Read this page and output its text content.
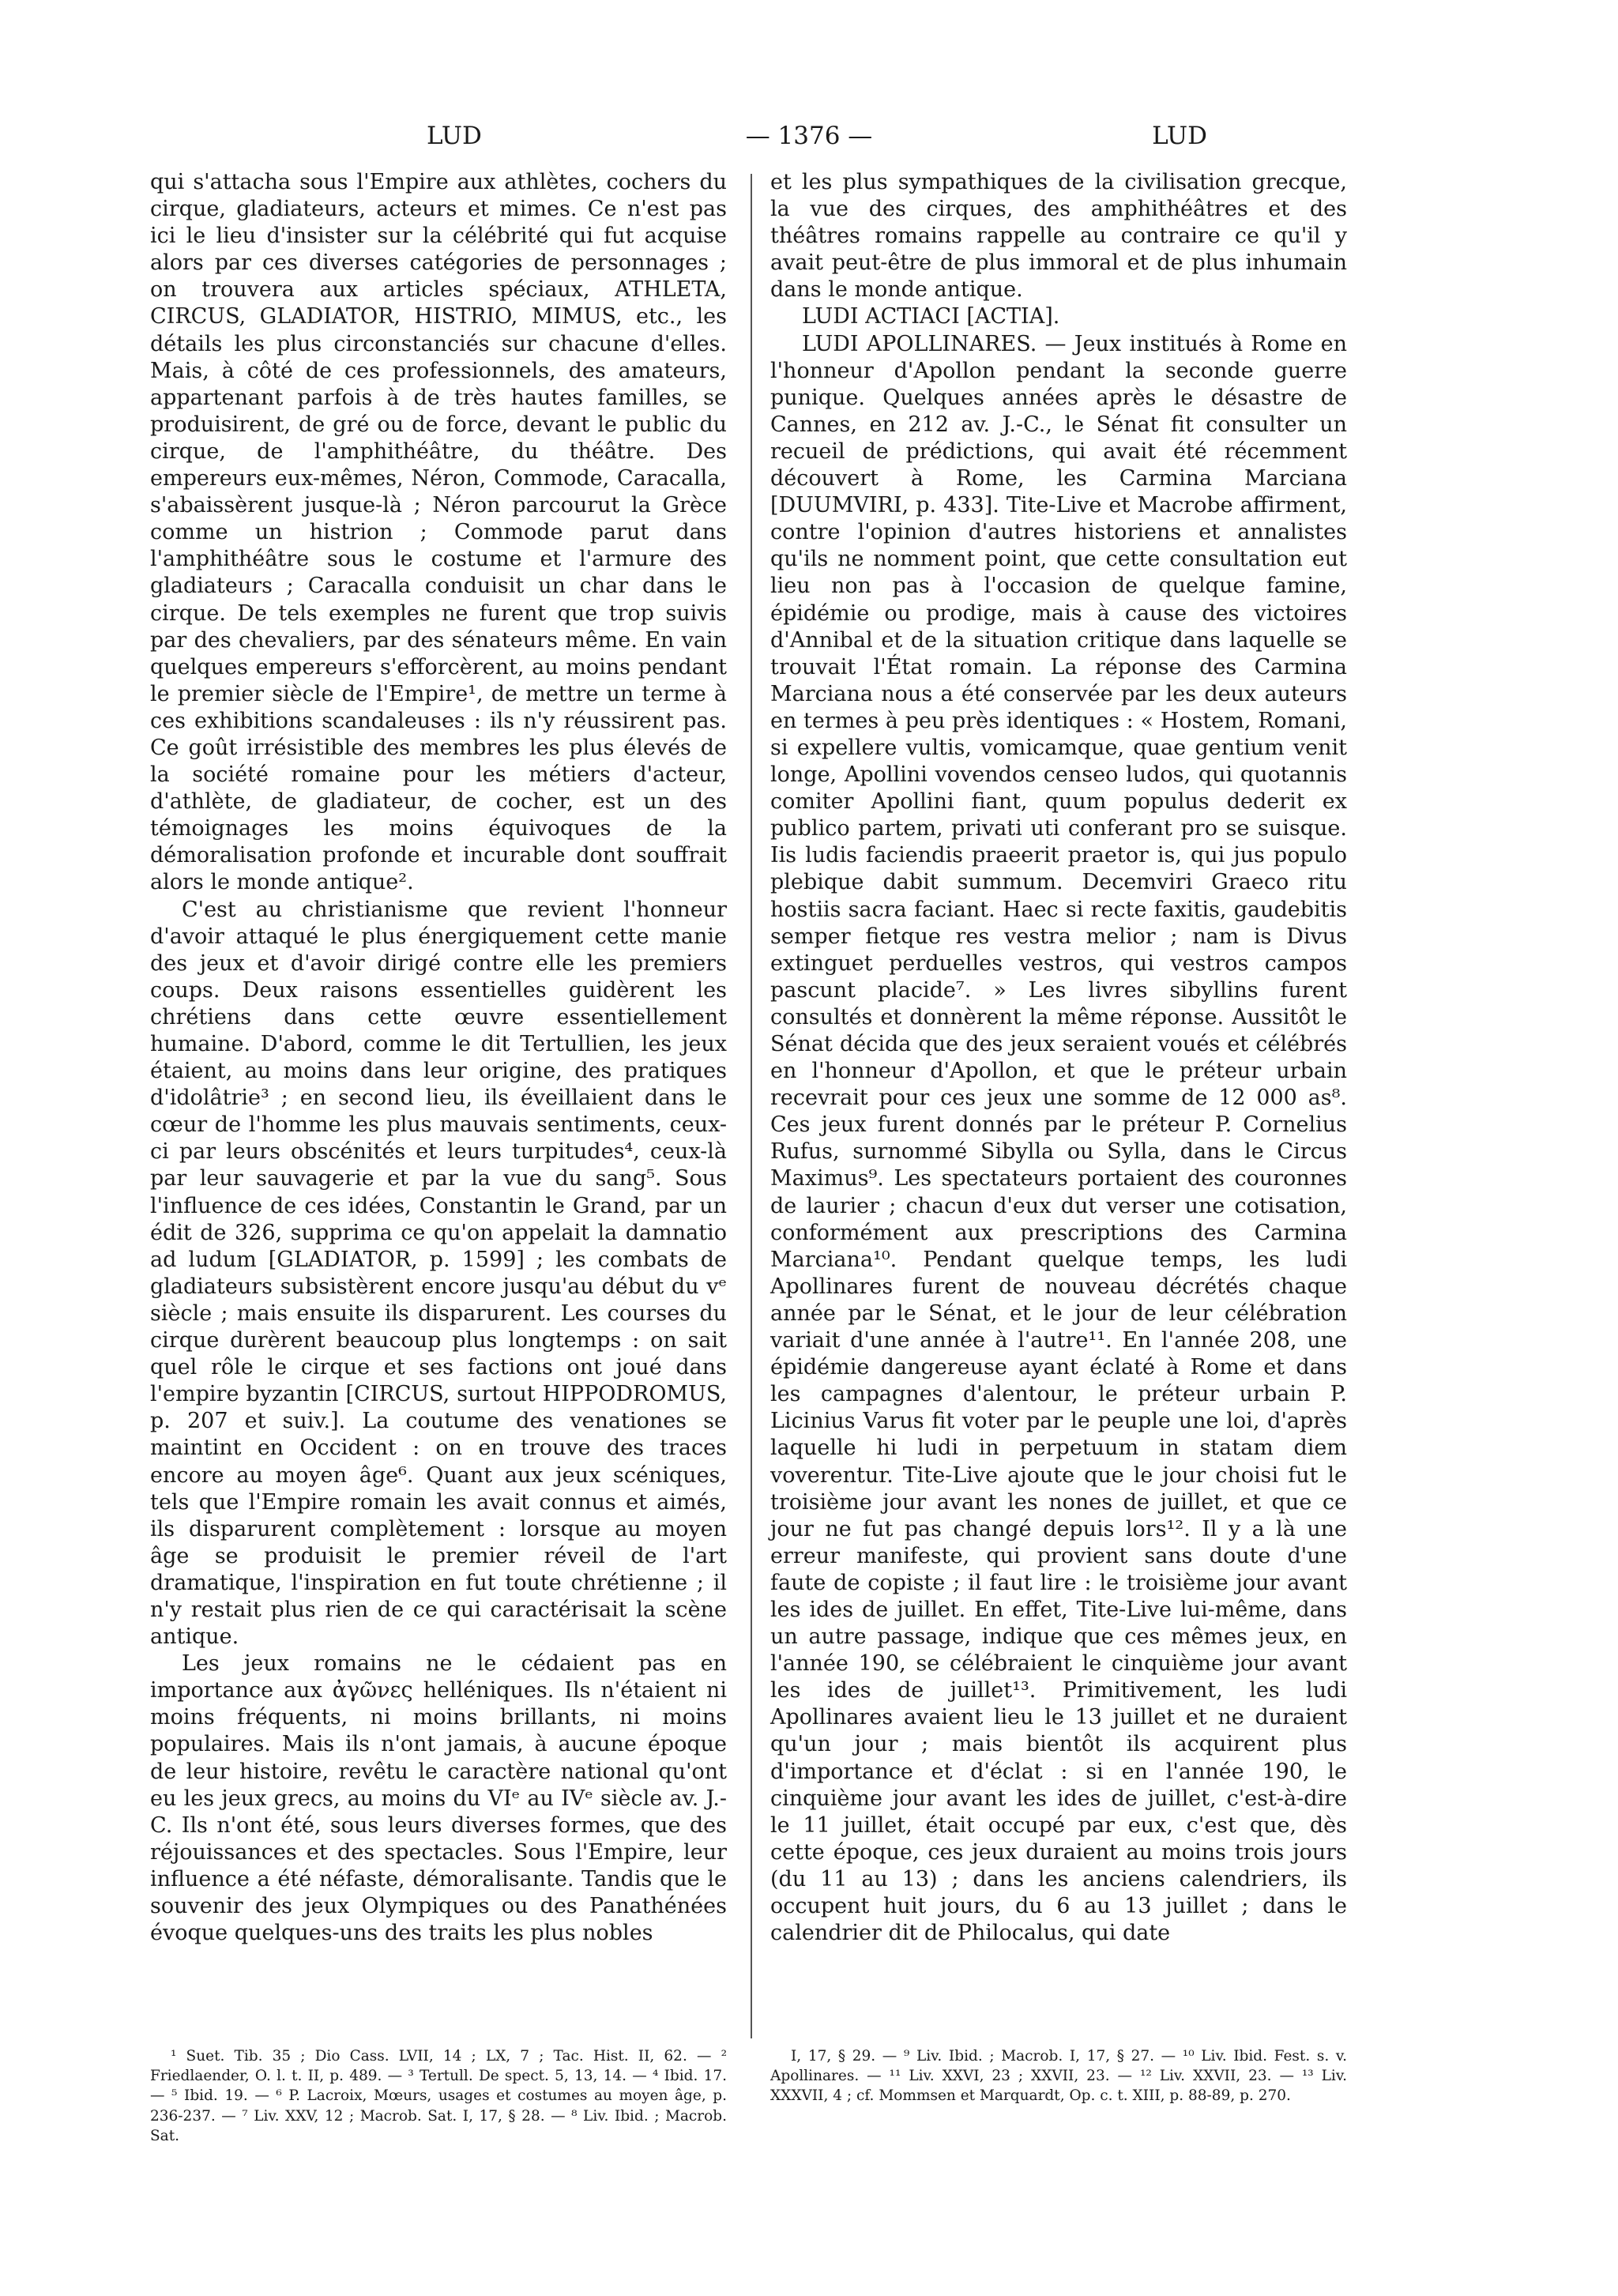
LUD	— 1376 —	LUD

qui s'attacha sous l'Empire aux athlètes, cochers du cirque, gladiateurs, acteurs et mimes. Ce n'est pas ici le lieu d'insister sur la célébrité qui fut acquise alors par ces diverses catégories de personnages ; on trouvera aux articles spéciaux, ATHLETA, CIRCUS, GLADIATOR, HISTRIO, MIMUS, etc., les détails les plus circonstanciés sur chacune d'elles. Mais, à côté de ces professionnels, des amateurs, appartenant parfois à de très hautes familles, se produisirent, de gré ou de force, devant le public du cirque, de l'amphithéâtre, du théâtre. Des empereurs eux-mêmes, Néron, Commode, Caracalla, s'abaissèrent jusque-là ; Néron parcourut la Grèce comme un histrion ; Commode parut dans l'amphithéâtre sous le costume et l'armure des gladiateurs ; Caracalla conduisit un char dans le cirque. De tels exemples ne furent que trop suivis par des chevaliers, par des sénateurs même. En vain quelques empereurs s'efforcèrent, au moins pendant le premier siècle de l'Empire¹, de mettre un terme à ces exhibitions scandaleuses : ils n'y réussirent pas. Ce goût irrésistible des membres les plus élevés de la société romaine pour les métiers d'acteur, d'athlète, de gladiateur, de cocher, est un des témoignages les moins équivoques de la démoralisation profonde et incurable dont souffrait alors le monde antique².

C'est au christianisme que revient l'honneur d'avoir attaqué le plus énergiquement cette manie des jeux et d'avoir dirigé contre elle les premiers coups. Deux raisons essentielles guidèrent les chrétiens dans cette œuvre essentiellement humaine. D'abord, comme le dit Tertullien, les jeux étaient, au moins dans leur origine, des pratiques d'idolâtrie³ ; en second lieu, ils éveillaient dans le cœur de l'homme les plus mauvais sentiments, ceux-ci par leurs obscénités et leurs turpitudes⁴, ceux-là par leur sauvagerie et par la vue du sang⁵. Sous l'influence de ces idées, Constantin le Grand, par un édit de 326, supprima ce qu'on appelait la damnatio ad ludum [GLADIATOR, p. 1599] ; les combats de gladiateurs subsistèrent encore jusqu'au début du vᵉ siècle ; mais ensuite ils disparurent. Les courses du cirque durèrent beaucoup plus longtemps : on sait quel rôle le cirque et ses factions ont joué dans l'empire byzantin [CIRCUS, surtout HIPPODROMUS, p. 207 et suiv.]. La coutume des venationes se maintint en Occident : on en trouve des traces encore au moyen âge⁶. Quant aux jeux scéniques, tels que l'Empire romain les avait connus et aimés, ils disparurent complètement : lorsque au moyen âge se produisit le premier réveil de l'art dramatique, l'inspiration en fut toute chrétienne ; il n'y restait plus rien de ce qui caractérisait la scène antique.

Les jeux romains ne le cédaient pas en importance aux ἀγῶνες helléniques. Ils n'étaient ni moins fréquents, ni moins brillants, ni moins populaires. Mais ils n'ont jamais, à aucune époque de leur histoire, revêtu le caractère national qu'ont eu les jeux grecs, au moins du VIᵉ au IVᵉ siècle av. J.-C. Ils n'ont été, sous leurs diverses formes, que des réjouissances et des spectacles. Sous l'Empire, leur influence a été néfaste, démoralisante. Tandis que le souvenir des jeux Olympiques ou des Panathénées évoque quelques-uns des traits les plus nobles

et les plus sympathiques de la civilisation grecque, la vue des cirques, des amphithéâtres et des théâtres romains rappelle au contraire ce qu'il y avait peut-être de plus immoral et de plus inhumain dans le monde antique.

LUDI ACTIACI [ACTIA].

LUDI APOLLINARES. — Jeux institués à Rome en l'honneur d'Apollon pendant la seconde guerre punique. Quelques années après le désastre de Cannes, en 212 av. J.-C., le Sénat fit consulter un recueil de prédictions, qui avait été récemment découvert à Rome, les Carmina Marciana [DUUMVIRI, p. 433]. Tite-Live et Macrobe affirment, contre l'opinion d'autres historiens et annalistes qu'ils ne nomment point, que cette consultation eut lieu non pas à l'occasion de quelque famine, épidémie ou prodige, mais à cause des victoires d'Annibal et de la situation critique dans laquelle se trouvait l'État romain. La réponse des Carmina Marciana nous a été conservée par les deux auteurs en termes à peu près identiques : « Hostem, Romani, si expellere vultis, vomicamque, quae gentium venit longe, Apollini vovendos censeo ludos, qui quotannis comiter Apollini fiant, quum populus dederit ex publico partem, privati uti conferant pro se suisque. Iis ludis faciendis praeerit praetor is, qui jus populo plebique dabit summum. Decemviri Graeco ritu hostiis sacra faciant. Haec si recte faxitis, gaudebitis semper fietque res vestra melior ; nam is Divus extinguet perduelles vestros, qui vestros campos pascunt placide⁷. » Les livres sibyllins furent consultés et donnèrent la même réponse. Aussitôt le Sénat décida que des jeux seraient voués et célébrés en l'honneur d'Apollon, et que le préteur urbain recevrait pour ces jeux une somme de 12 000 as⁸. Ces jeux furent donnés par le préteur P. Cornelius Rufus, surnommé Sibylla ou Sylla, dans le Circus Maximus⁹. Les spectateurs portaient des couronnes de laurier ; chacun d'eux dut verser une cotisation, conformément aux prescriptions des Carmina Marciana¹⁰. Pendant quelque temps, les ludi Apollinares furent de nouveau décrétés chaque année par le Sénat, et le jour de leur célébration variait d'une année à l'autre¹¹. En l'année 208, une épidémie dangereuse ayant éclaté à Rome et dans les campagnes d'alentour, le préteur urbain P. Licinius Varus fit voter par le peuple une loi, d'après laquelle hi ludi in perpetuum in statam diem voverentur. Tite-Live ajoute que le jour choisi fut le troisième jour avant les nones de juillet, et que ce jour ne fut pas changé depuis lors¹². Il y a là une erreur manifeste, qui provient sans doute d'une faute de copiste ; il faut lire : le troisième jour avant les ides de juillet. En effet, Tite-Live lui-même, dans un autre passage, indique que ces mêmes jeux, en l'année 190, se célébraient le cinquième jour avant les ides de juillet¹³. Primitivement, les ludi Apollinares avaient lieu le 13 juillet et ne duraient qu'un jour ; mais bientôt ils acquirent plus d'importance et d'éclat : si en l'année 190, le cinquième jour avant les ides de juillet, c'est-à-dire le 11 juillet, était occupé par eux, c'est que, dès cette époque, ces jeux duraient au moins trois jours (du 11 au 13) ; dans les anciens calendriers, ils occupent huit jours, du 6 au 13 juillet ; dans le calendrier dit de Philocalus, qui date

¹ Suet. Tib. 35 ; Dio Cass. LVII, 14 ; LX, 7 ; Tac. Hist. II, 62. — ² Friedlaender, O. l. t. II, p. 489. — ³ Tertull. De spect. 5, 13, 14. — ⁴ Ibid. 17. — ⁵ Ibid. 19. — ⁶ P. Lacroix, Mœurs, usages et costumes au moyen âge, p. 236-237. — ⁷ Liv. XXV, 12 ; Macrob. Sat. I, 17, § 28. — ⁸ Liv. Ibid. ; Macrob. Sat.

I, 17, § 29. — ⁹ Liv. Ibid. ; Macrob. I, 17, § 27. — ¹⁰ Liv. Ibid. Fest. s. v. Apollinares. — ¹¹ Liv. XXVI, 23 ; XXVII, 23. — ¹² Liv. XXVII, 23. — ¹³ Liv. XXXVII, 4 ; cf. Mommsen et Marquardt, Op. c. t. XIII, p. 88-89, p. 270.
